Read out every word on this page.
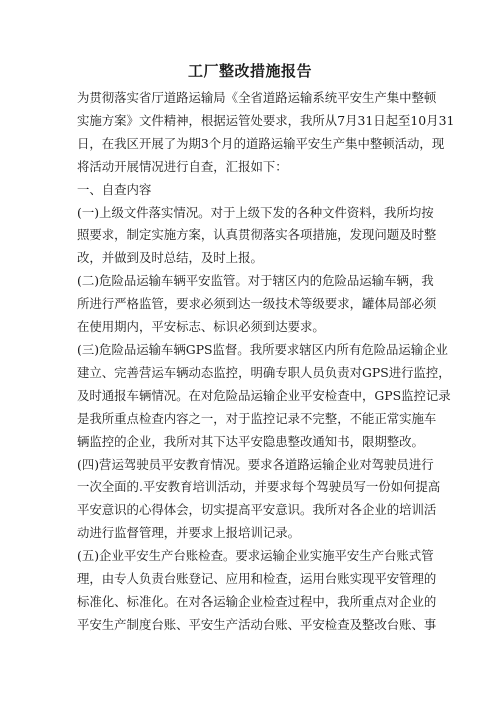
工厂整改措施报告
为贯彻落实省厅道路运输局《全省道路运输系统平安生产集中整顿
实施方案》文件精神，根据运管处要求，我所从7月31日起至10月31
日，在我区开展了为期3个月的道路运输平安生产集中整顿活动，现
将活动开展情况进行自查，汇报如下：
一、自查内容
(一)上级文件落实情况。对于上级下发的各种文件资料，我所均按
照要求，制定实施方案，认真贯彻落实各项措施，发现问题及时整
改，并做到及时总结，及时上报。
(二)危险品运输车辆平安监管。对于辖区内的危险品运输车辆，我
所进行严格监管，要求必须到达一级技术等级要求，罐体局部必须
在使用期内，平安标志、标识必须到达要求。
(三)危险品运输车辆GPS监督。我所要求辖区内所有危险品运输企业
建立、完善营运车辆动态监控，明确专职人员负责对GPS进行监控，
及时通报车辆情况。在对危险品运输企业平安检查中，GPS监控记录
是我所重点检查内容之一，对于监控记录不完整，不能正常实施车
辆监控的企业，我所对其下达平安隐患整改通知书，限期整改。
(四)营运驾驶员平安教育情况。要求各道路运输企业对驾驶员进行
一次全面的.平安教育培训活动，并要求每个驾驶员写一份如何提高
平安意识的心得体会，切实提高平安意识。我所对各企业的培训活
动进行监督管理，并要求上报培训记录。
(五)企业平安生产台账检查。要求运输企业实施平安生产台账式管
理，由专人负责台账登记、应用和检查，运用台账实现平安管理的
标准化、标准化。在对各运输企业检查过程中，我所重点对企业的
平安生产制度台账、平安生产活动台账、平安检查及整改台账、事
